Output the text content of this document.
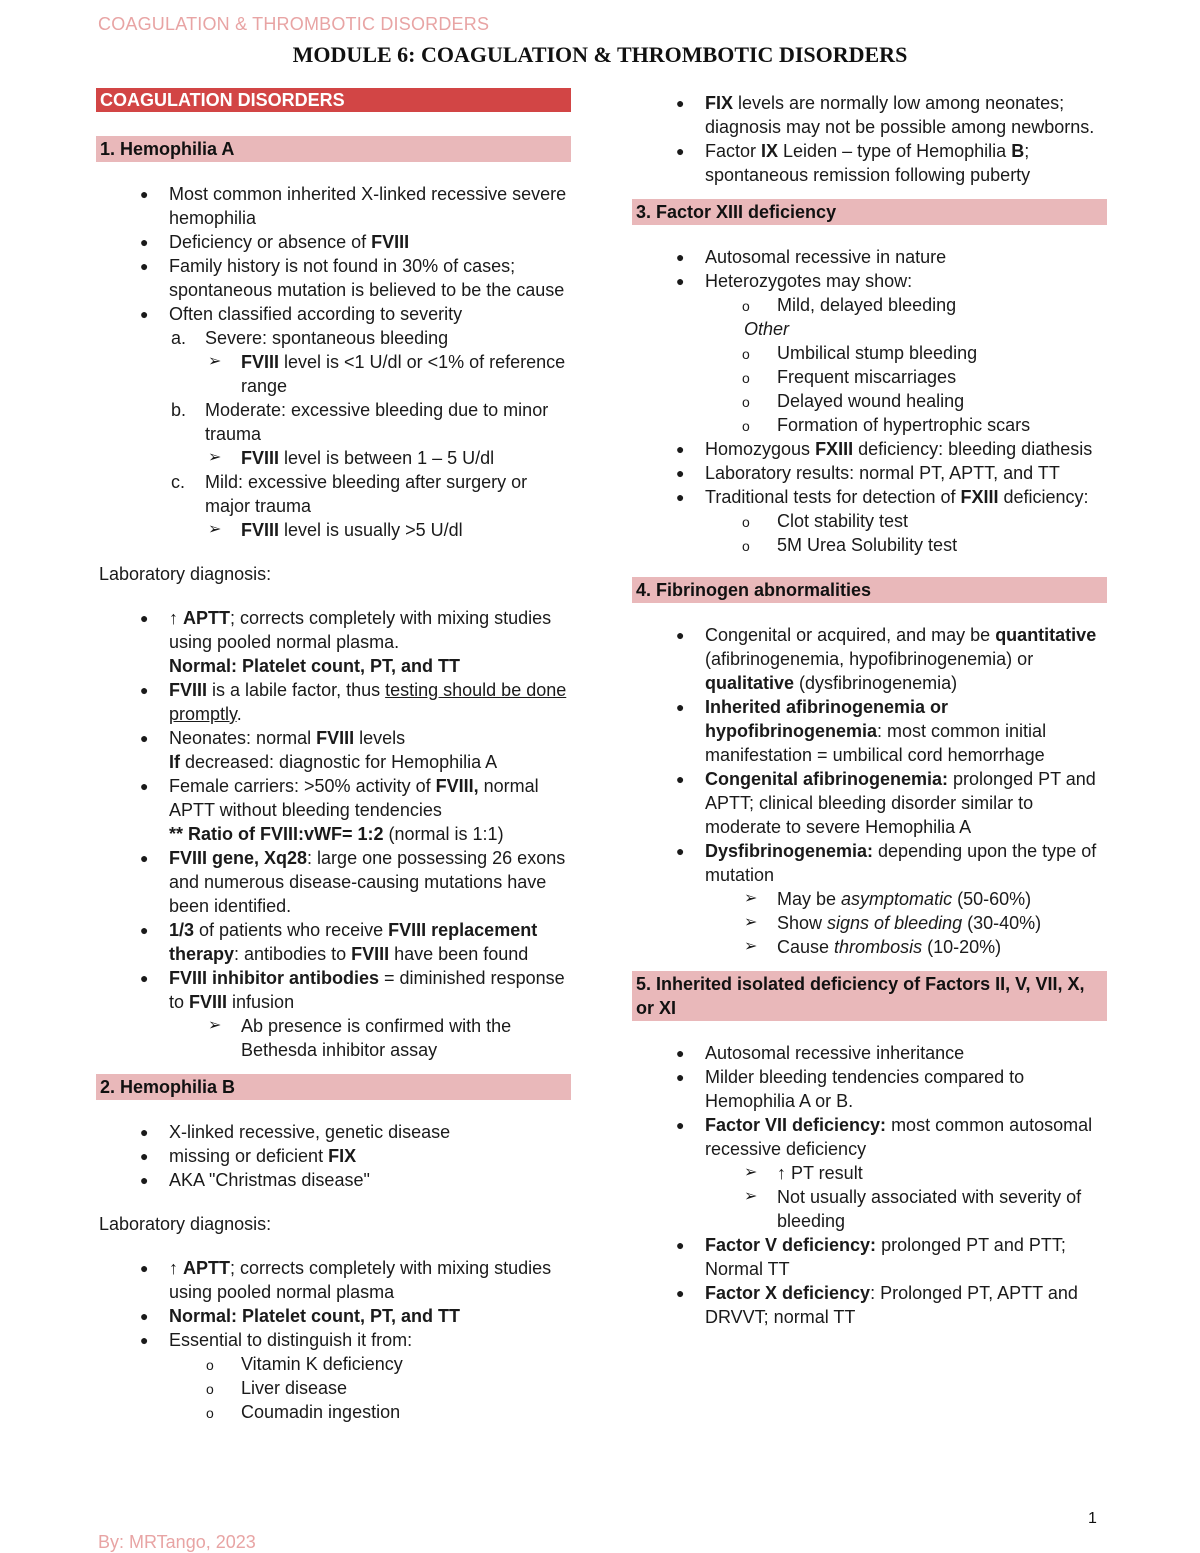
COAGULATION & THROMBOTIC DISORDERS
MODULE 6: COAGULATION & THROMBOTIC DISORDERS
COAGULATION DISORDERS
1. Hemophilia A
● Most common inherited X-linked recessive severe hemophilia
● Deficiency or absence of FVIII
● Family history is not found in 30% of cases; spontaneous mutation is believed to be the cause
● Often classified according to severity
a. Severe: spontaneous bleeding
➢ FVIII level is <1 U/dl or <1% of reference range
b. Moderate: excessive bleeding due to minor trauma
➢ FVIII level is between 1 – 5 U/dl
c. Mild: excessive bleeding after surgery or major trauma
➢ FVIII level is usually >5 U/dl
Laboratory diagnosis:
● ↑ APTT; corrects completely with mixing studies using pooled normal plasma.
Normal: Platelet count, PT, and TT
● FVIII is a labile factor, thus testing should be done promptly.
● Neonates: normal FVIII levels
If decreased: diagnostic for Hemophilia A
● Female carriers: >50% activity of FVIII, normal APTT without bleeding tendencies
** Ratio of FVIII:vWF= 1:2 (normal is 1:1)
● FVIII gene, Xq28: large one possessing 26 exons and numerous disease-causing mutations have been identified.
● 1/3 of patients who receive FVIII replacement therapy: antibodies to FVIII have been found
● FVIII inhibitor antibodies = diminished response to FVIII infusion
➢ Ab presence is confirmed with the Bethesda inhibitor assay
2. Hemophilia B
● X-linked recessive, genetic disease
● missing or deficient FIX
● AKA "Christmas disease"
Laboratory diagnosis:
● ↑ APTT; corrects completely with mixing studies using pooled normal plasma
● Normal: Platelet count, PT, and TT
● Essential to distinguish it from:
o Vitamin K deficiency
o Liver disease
o Coumadin ingestion
● FIX levels are normally low among neonates; diagnosis may not be possible among newborns.
● Factor IX Leiden – type of Hemophilia B; spontaneous remission following puberty
3. Factor XIII deficiency
● Autosomal recessive in nature
● Heterozygotes may show:
o Mild, delayed bleeding
Other
o Umbilical stump bleeding
o Frequent miscarriages
o Delayed wound healing
o Formation of hypertrophic scars
● Homozygous FXIII deficiency: bleeding diathesis
● Laboratory results: normal PT, APTT, and TT
● Traditional tests for detection of FXIII deficiency:
o Clot stability test
o 5M Urea Solubility test
4. Fibrinogen abnormalities
● Congenital or acquired, and may be quantitative (afibrinogenemia, hypofibrinogenemia) or
qualitative (dysfibrinogenemia)
● Inherited afibrinogenemia or hypofibrinogenemia: most common initial manifestation = umbilical cord hemorrhage
● Congenital afibrinogenemia: prolonged PT and APTT; clinical bleeding disorder similar to moderate to severe Hemophilia A
● Dysfibrinogenemia: depending upon the type of mutation
➢ May be asymptomatic (50-60%)
➢ Show signs of bleeding (30-40%)
➢ Cause thrombosis (10-20%)
5. Inherited isolated deficiency of Factors II, V, VII, X, or XI
● Autosomal recessive inheritance
● Milder bleeding tendencies compared to Hemophilia A or B.
● Factor VII deficiency: most common autosomal recessive deficiency
➢ ↑ PT result
➢ Not usually associated with severity of bleeding
● Factor V deficiency: prolonged PT and PTT; Normal TT
● Factor X deficiency: Prolonged PT, APTT and DRVVT; normal TT
1
By: MRTango, 2023
